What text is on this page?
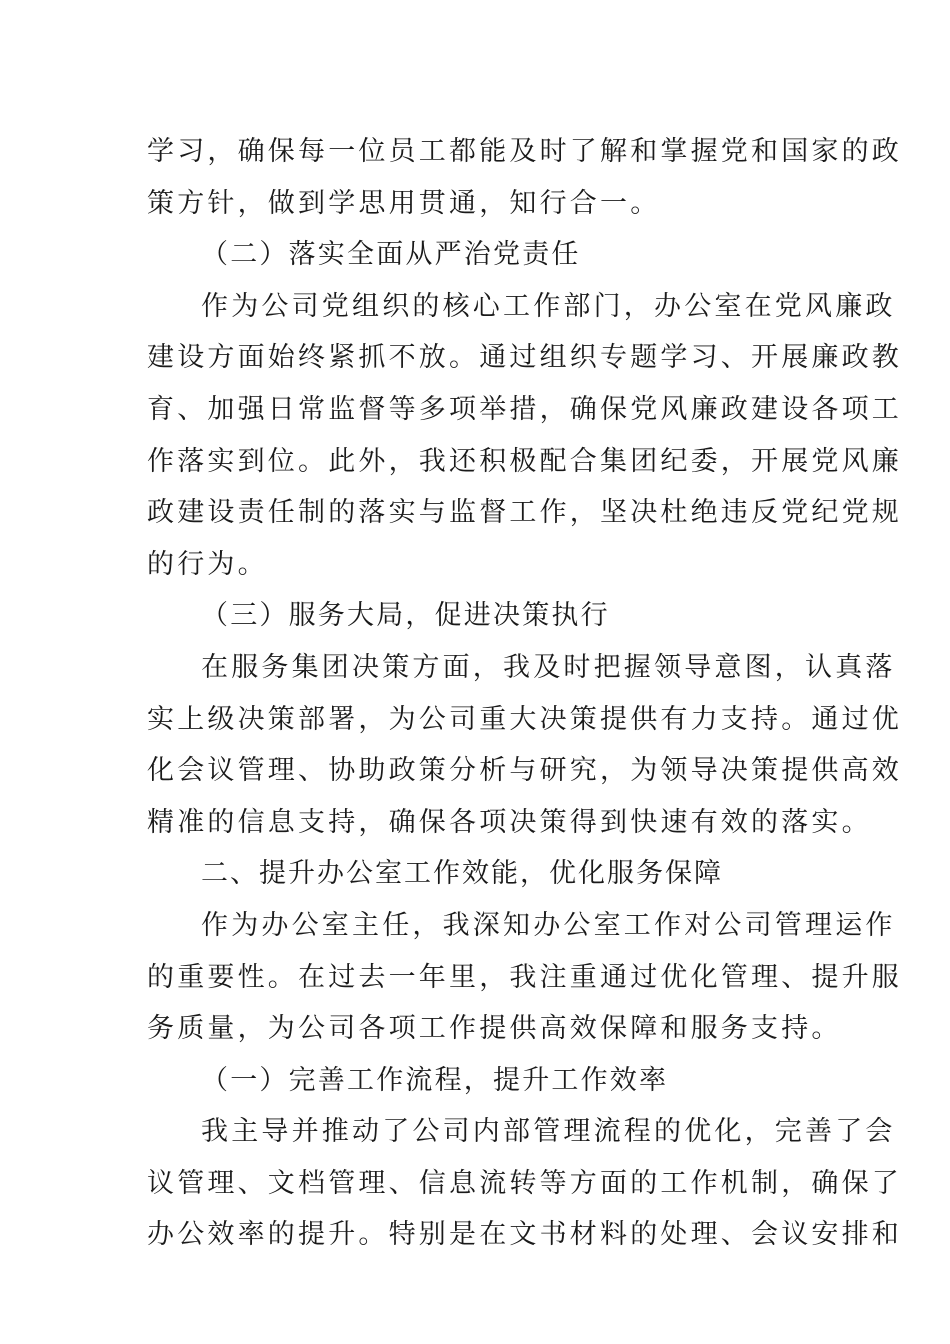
学习，确保每一位员工都能及时了解和掌握党和国家的政
策方针，做到学思用贯通，知行合一。
（二）落实全面从严治党责任
作为公司党组织的核心工作部门，办公室在党风廉政
建设方面始终紧抓不放。通过组织专题学习、开展廉政教
育、加强日常监督等多项举措，确保党风廉政建设各项工
作落实到位。此外，我还积极配合集团纪委，开展党风廉
政建设责任制的落实与监督工作，坚决杜绝违反党纪党规
的行为。
（三）服务大局，促进决策执行
在服务集团决策方面，我及时把握领导意图，认真落
实上级决策部署，为公司重大决策提供有力支持。通过优
化会议管理、协助政策分析与研究，为领导决策提供高效
精准的信息支持，确保各项决策得到快速有效的落实。
二、提升办公室工作效能，优化服务保障
作为办公室主任，我深知办公室工作对公司管理运作
的重要性。在过去一年里，我注重通过优化管理、提升服
务质量，为公司各项工作提供高效保障和服务支持。
（一）完善工作流程，提升工作效率
我主导并推动了公司内部管理流程的优化，完善了会
议管理、文档管理、信息流转等方面的工作机制，确保了
办公效率的提升。特别是在文书材料的处理、会议安排和
